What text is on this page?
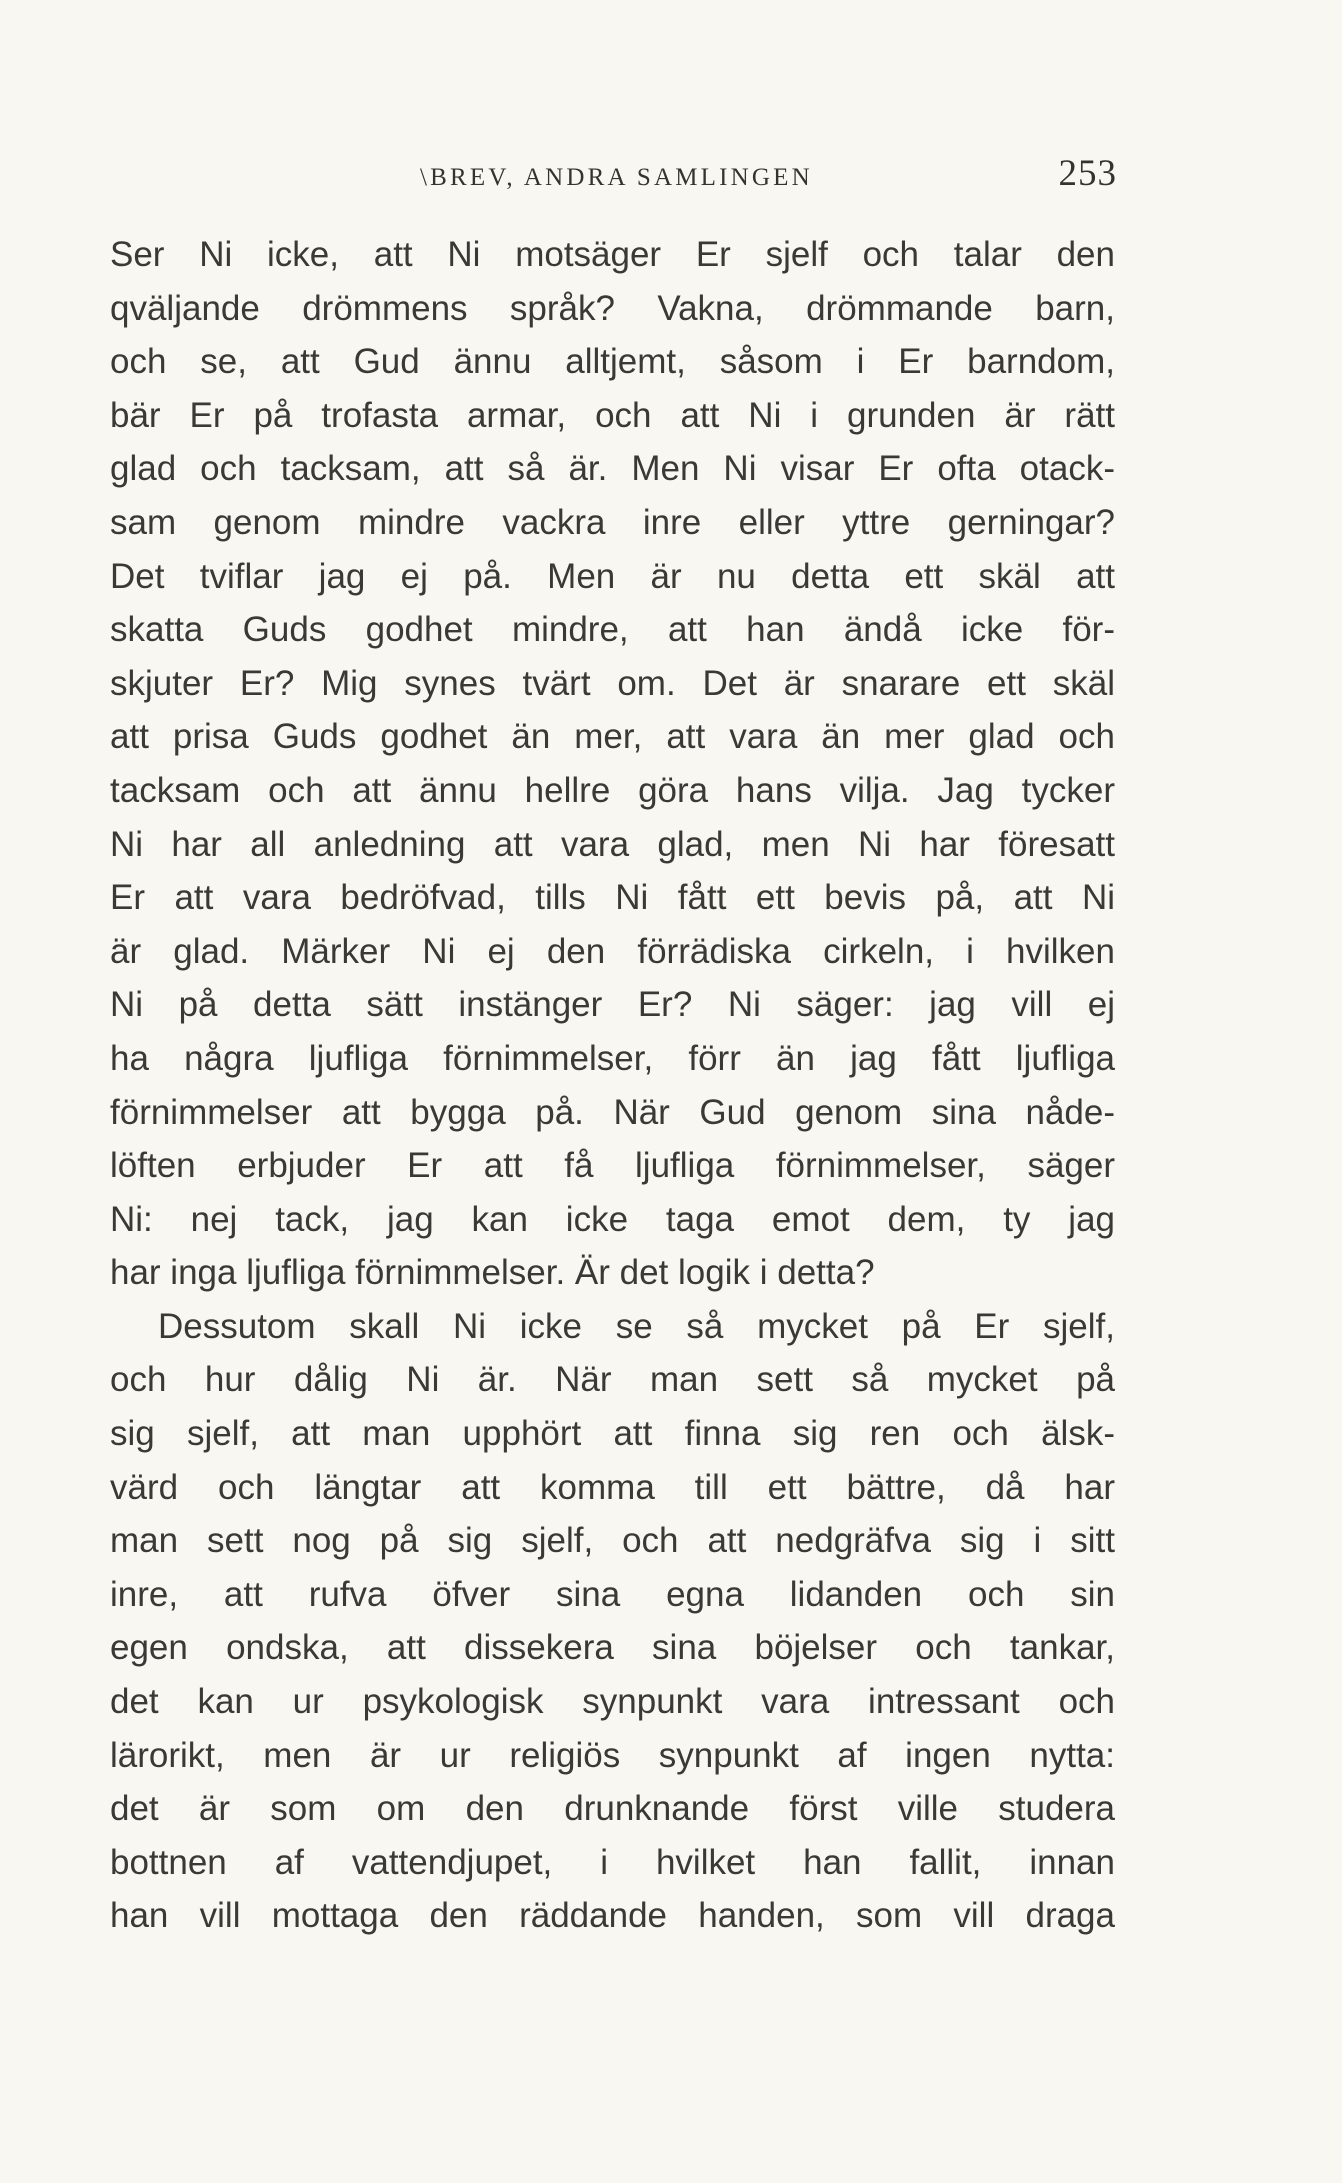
\BREV, ANDRA SAMLINGEN	253
Ser Ni icke, att Ni motsäger Er sjelf och talar den
qväljande drömmens språk? Vakna, drömmande barn,
och se, att Gud ännu alltjemt, såsom i Er barndom,
bär Er på trofasta armar, och att Ni i grunden är rätt
glad och tacksam, att så är. Men Ni visar Er ofta otack-
sam genom mindre vackra inre eller yttre gerningar?
Det tviflar jag ej på. Men är nu detta ett skäl att
skatta Guds godhet mindre, att han ändå icke för-
skjuter Er? Mig synes tvärt om. Det är snarare ett skäl
att prisa Guds godhet än mer, att vara än mer glad och
tacksam och att ännu hellre göra hans vilja. Jag tycker
Ni har all anledning att vara glad, men Ni har föresatt
Er att vara bedröfvad, tills Ni fått ett bevis på, att Ni
är glad. Märker Ni ej den förrädiska cirkeln, i hvilken
Ni på detta sätt instänger Er? Ni säger: jag vill ej
ha några ljufliga förnimmelser, förr än jag fått ljufliga
förnimmelser att bygga på. När Gud genom sina nåde-
löften erbjuder Er att få ljufliga förnimmelser, säger
Ni: nej tack, jag kan icke taga emot dem, ty jag
har inga ljufliga förnimmelser. Är det logik i detta?
Dessutom skall Ni icke se så mycket på Er sjelf,
och hur dålig Ni är. När man sett så mycket på
sig sjelf, att man upphört att finna sig ren och älsk-
värd och längtar att komma till ett bättre, då har
man sett nog på sig sjelf, och att nedgräfva sig i sitt
inre, att rufva öfver sina egna lidanden och sin
egen ondska, att dissekera sina böjelser och tankar,
det kan ur psykologisk synpunkt vara intressant och
lärorikt, men är ur religiös synpunkt af ingen nytta:
det är som om den drunknande först ville studera
bottnen af vattendjupet, i hvilket han fallit, innan
han vill mottaga den räddande handen, som vill draga
